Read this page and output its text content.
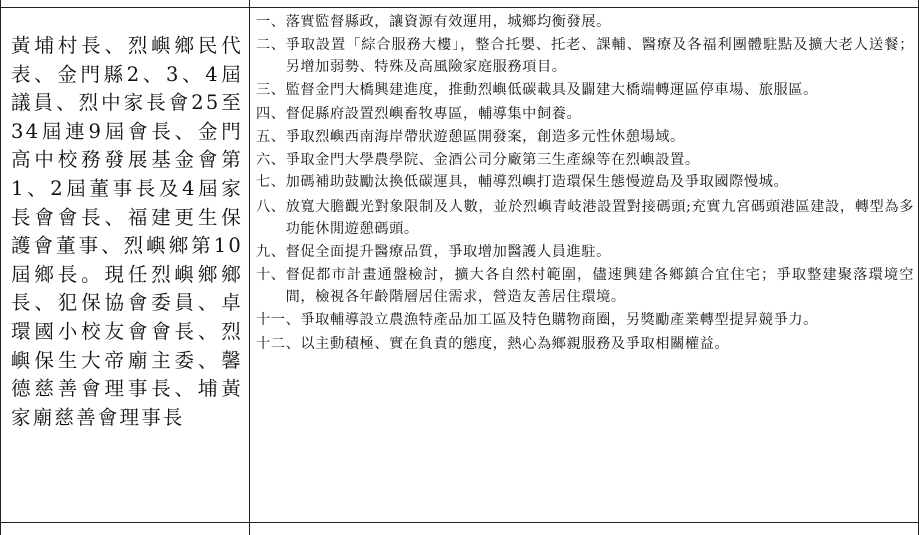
黃埔村長、烈嶼鄉民代表、金門縣2、3、4屆議員、烈中家長會25至34屆連9屆會長、金門高中校務發展基金會第1、2屆董事長及4屆家長會會長、福建更生保護會董事、烈嶼鄉第10屆鄉長。現任烈嶼鄉鄉長、犯保協會委員、卓環國小校友會會長、烈嶼保生大帝廟主委、馨德慈善會理事長、埔黃家廟慈善會理事長
一、 落實監督縣政，讓資源有效運用，城鄉均衡發展。
二、 爭取設置「綜合服務大樓」，整合托嬰、托老、課輔、醫療及各福利團體駐點及擴大老人送餐；另增加弱勢、特殊及高風險家庭服務項目。
三、 監督金門大橋興建進度，推動烈嶼低碳載具及闢建大橋端轉運區停車場、旅服區。
四、 督促縣府設置烈嶼畜牧專區，輔導集中飼養。
五、 爭取烈嶼西南海岸帶狀遊憩區開發案，創造多元性休憩場域。
六、 爭取金門大學農學院、金酒公司分廠第三生產線等在烈嶼設置。
七、 加碼補助鼓勵汰換低碳運具，輔導烈嶼打造環保生態慢遊島及爭取國際慢城。
八、 放寬大膽觀光對象限制及人數，並於烈嶼青岐港設置對接碼頭;充實九宮碼頭港區建設，轉型為多功能休閒遊憩碼頭。
九、 督促全面提升醫療品質，爭取增加醫護人員進駐。
十、 督促都市計畫通盤檢討，擴大各自然村範圍，儘速興建各鄉鎮合宜住宅；爭取整建聚落環境空間，檢視各年齡階層居住需求，營造友善居住環境。
十一、 爭取輔導設立農漁特產品加工區及特色購物商圈，另獎勵產業轉型提昇競爭力。
十二、 以主動積極、實在負責的態度，熱心為鄉親服務及爭取相關權益。
